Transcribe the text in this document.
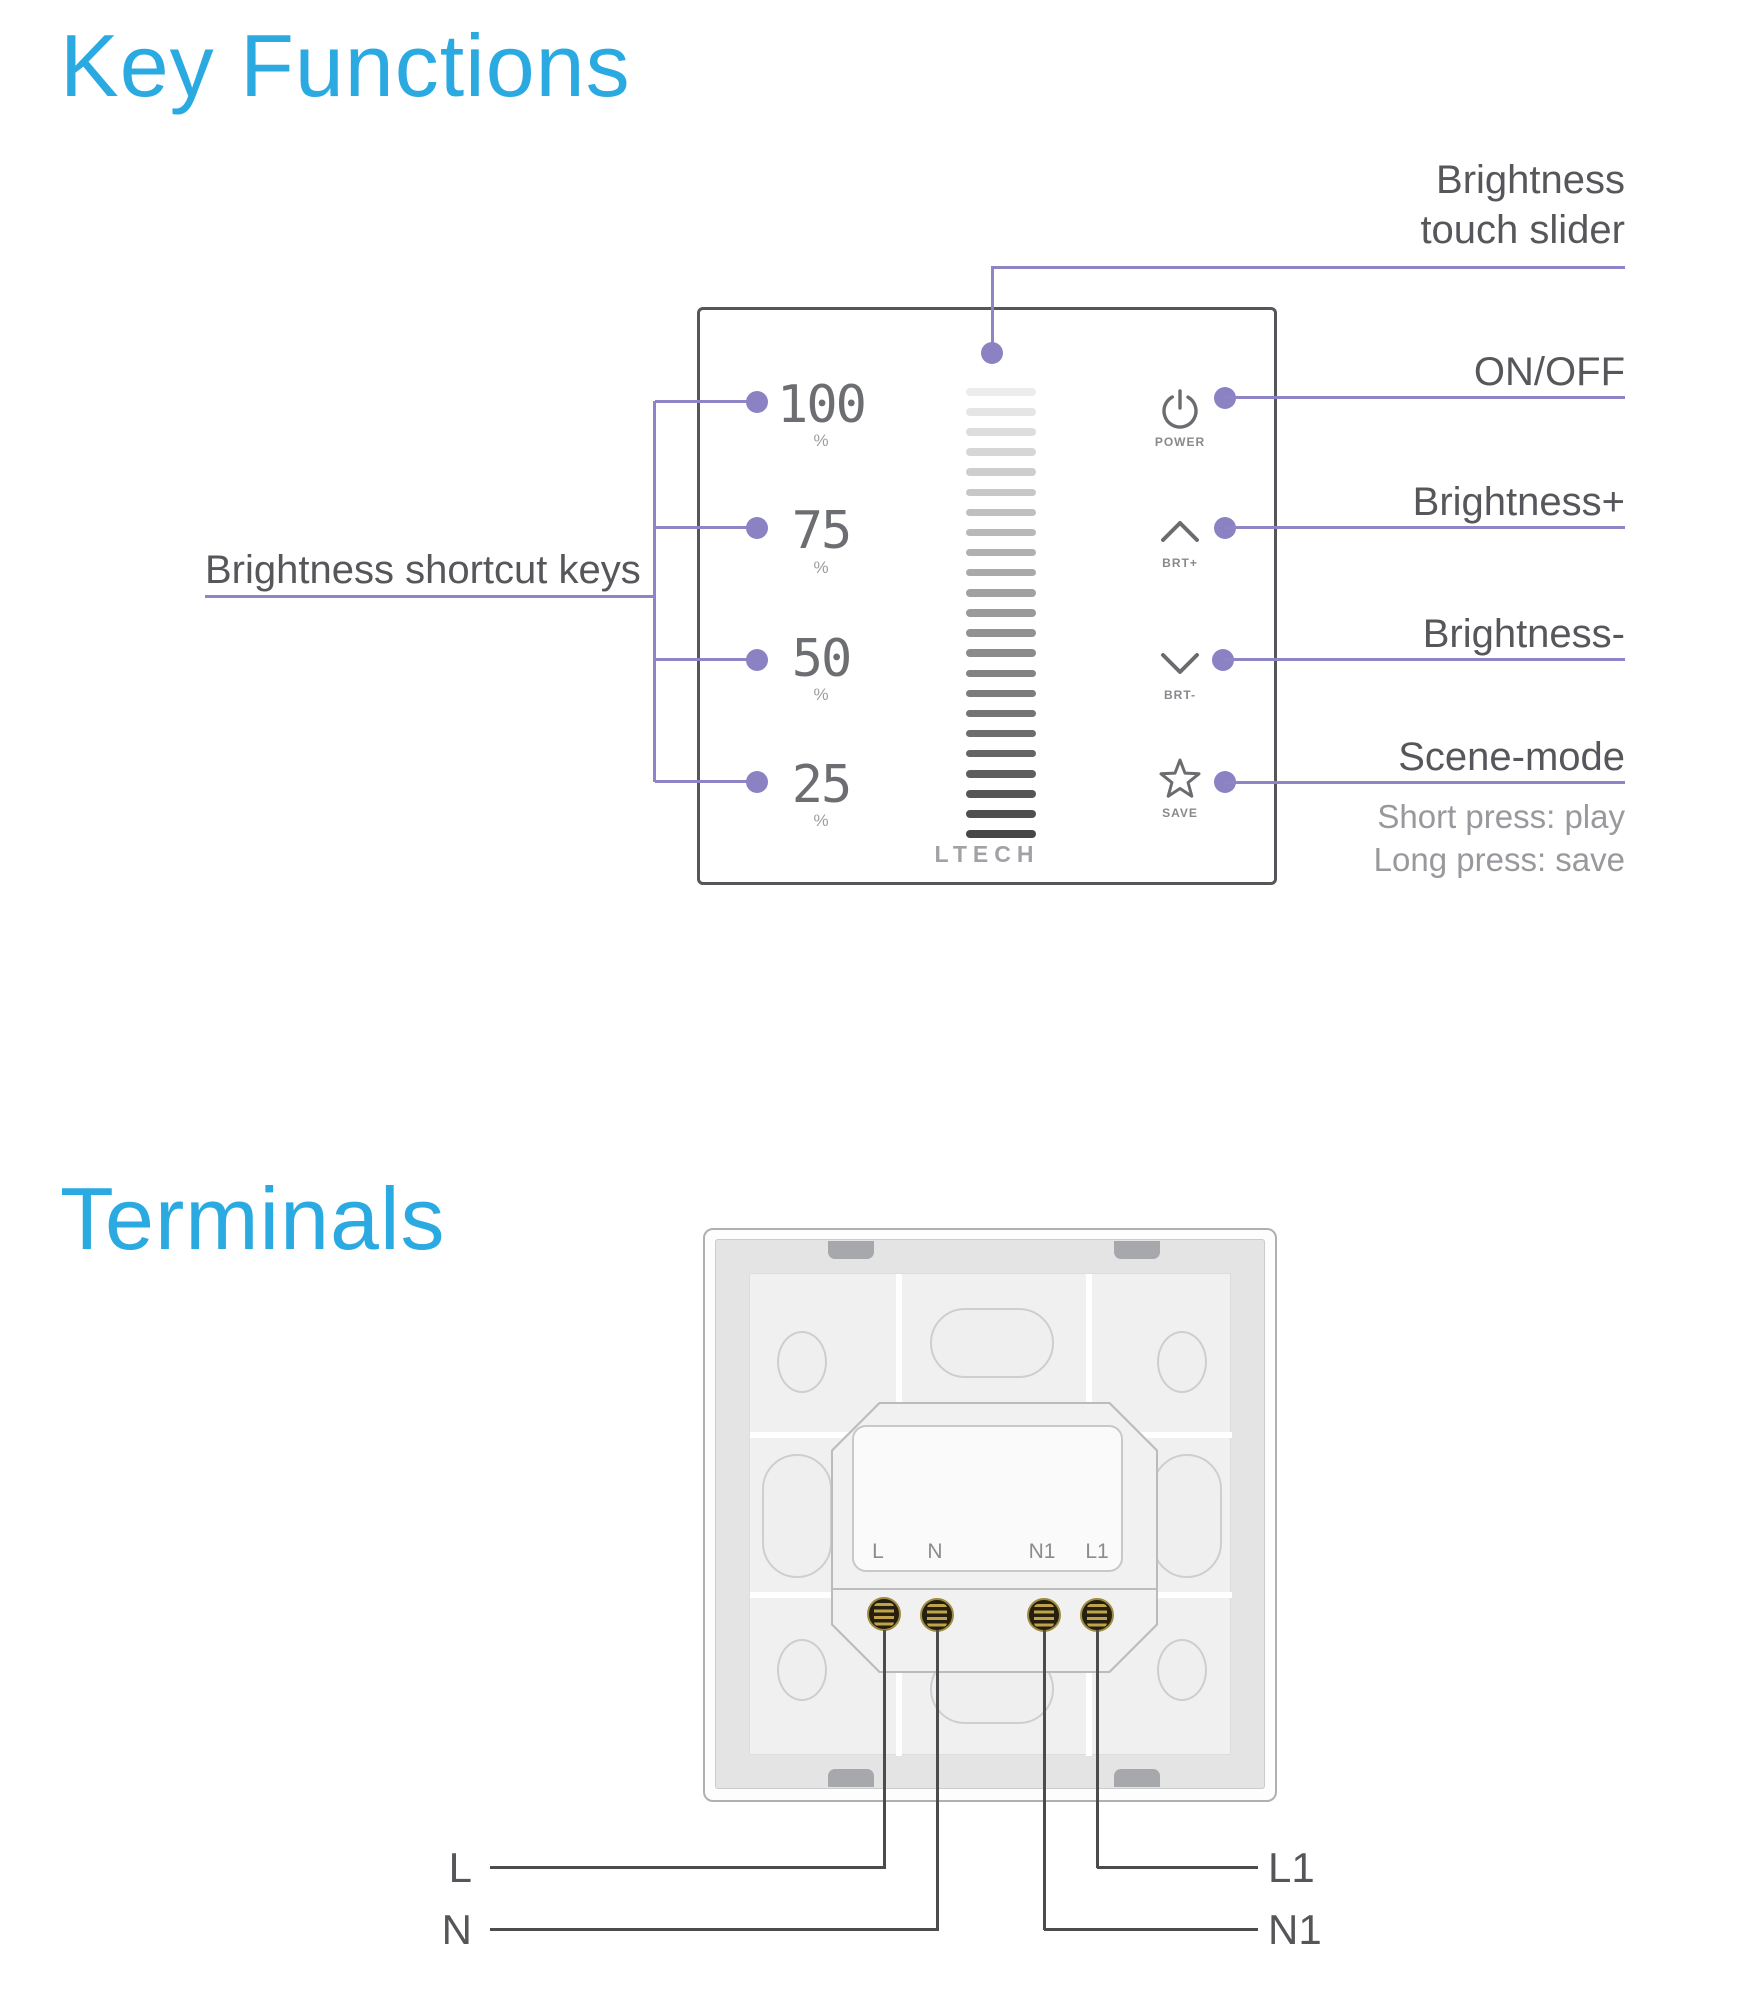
Key Functions
100
%
75
%
50
%
25
%
POWER
BRT+
BRT-
SAVE
LTECH
Brightness
touch slider
ON/OFF
Brightness+
Brightness-
Scene-mode
Short press: play
Long press: save
Brightness shortcut keys
Terminals
L	N	N1	L1
L
N
L1
N1
